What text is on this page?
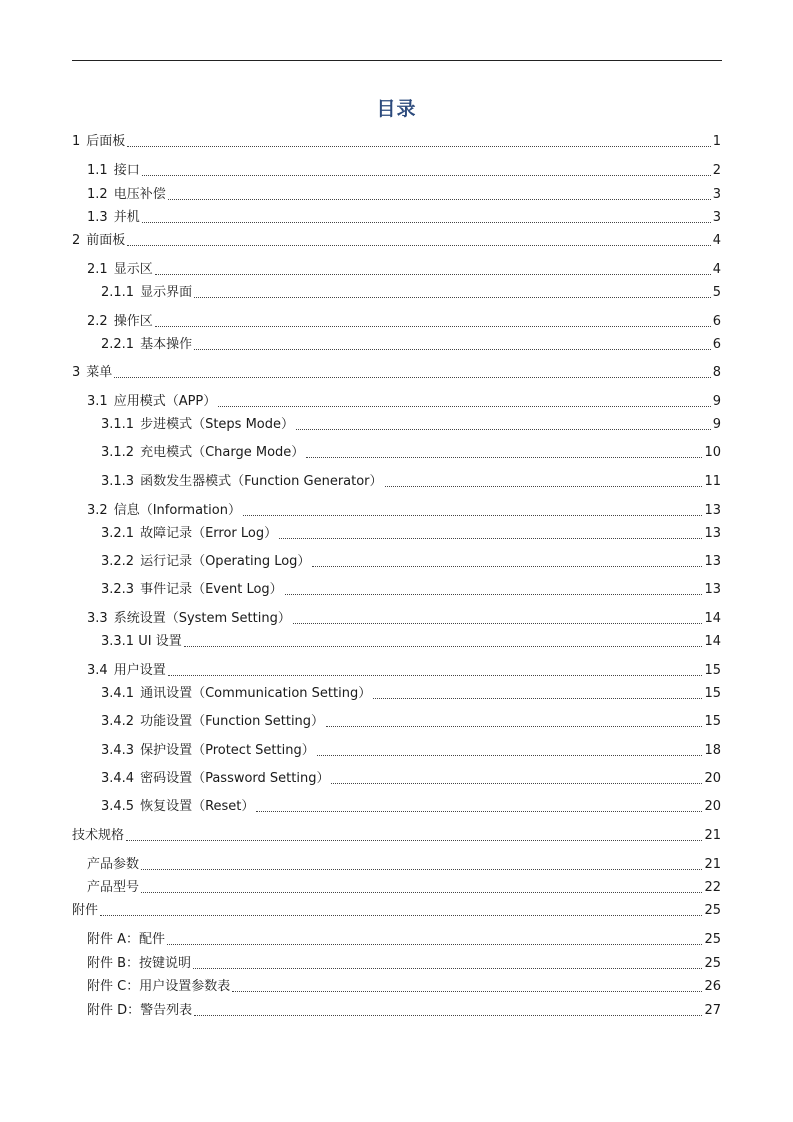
目录
1 后面板	1
1.1 接口	2
1.2 电压补偿	3
1.3 并机	3
2 前面板	4
2.1 显示区	4
2.1.1 显示界面	5
2.2 操作区	6
2.2.1 基本操作	6
3 菜单	8
3.1 应用模式（APP）	9
3.1.1 步进模式（Steps Mode）	9
3.1.2 充电模式（Charge Mode）	10
3.1.3 函数发生器模式（Function Generator）	11
3.2 信息（Information）	13
3.2.1 故障记录（Error Log）	13
3.2.2 运行记录（Operating Log）	13
3.2.3 事件记录（Event Log）	13
3.3 系统设置（System Setting）	14
3.3.1 UI 设置	14
3.4 用户设置	15
3.4.1 通讯设置（Communication Setting）	15
3.4.2 功能设置（Function Setting）	15
3.4.3 保护设置（Protect Setting）	18
3.4.4 密码设置（Password Setting）	20
3.4.5 恢复设置（Reset）	20
技术规格	21
产品参数	21
产品型号	22
附件	25
附件 A：配件	25
附件 B：按键说明	25
附件 C：用户设置参数表	26
附件 D：警告列表	27
